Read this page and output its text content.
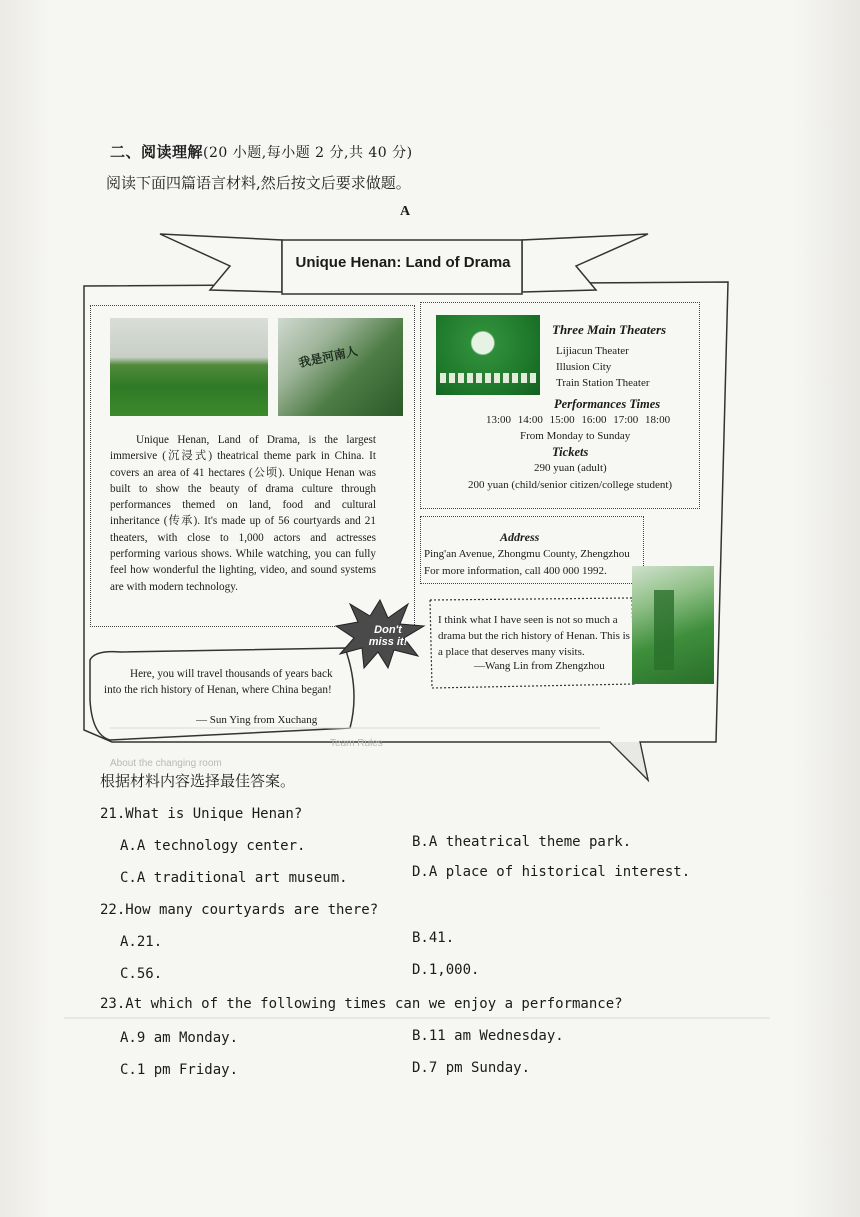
二、阅读理解(20 小题,每小题 2 分,共 40 分)
阅读下面四篇语言材料,然后按文后要求做题。
A
Unique Henan: Land of Drama
我是河南人
Unique Henan, Land of Drama, is the largest immersive (沉浸式) theatrical theme park in China. It covers an area of 41 hectares (公顷). Unique Henan was built to show the beauty of drama culture through performances themed on land, food and cultural inheritance (传承). It's made up of 56 courtyards and 21 theaters, with close to 1,000 actors and actresses performing various shows. While watching, you can fully feel how wonderful the lighting, video, and sound systems are with modern technology.
Three Main Theaters
Lijiacun Theater
Illusion City
Train Station Theater
Performances Times
13:00 14:00 15:00 16:00 17:00 18:00
From Monday to Sunday
Tickets
290 yuan (adult)
200 yuan (child/senior citizen/college student)
Address
Ping'an Avenue, Zhongmu County, Zhengzhou
For more information, call 400 000 1992.
I think what I have seen is not so much a drama but the rich history of Henan. This is a place that deserves many visits.
—Wang Lin from Zhengzhou
Here, you will travel thousands of years back into the rich history of Henan, where China began!
— Sun Ying from Xuchang
Don't
miss it!
Team Rules
About the changing room
根据材料内容选择最佳答案。
21.What is Unique Henan?
A.A technology center.	B.A theatrical theme park.
C.A traditional art museum.	D.A place of historical interest.
22.How many courtyards are there?
A.21.	B.41.
C.56.	D.1,000.
23.At which of the following times can we enjoy a performance?
A.9 am Monday.	B.11 am Wednesday.
C.1 pm Friday.	D.7 pm Sunday.
